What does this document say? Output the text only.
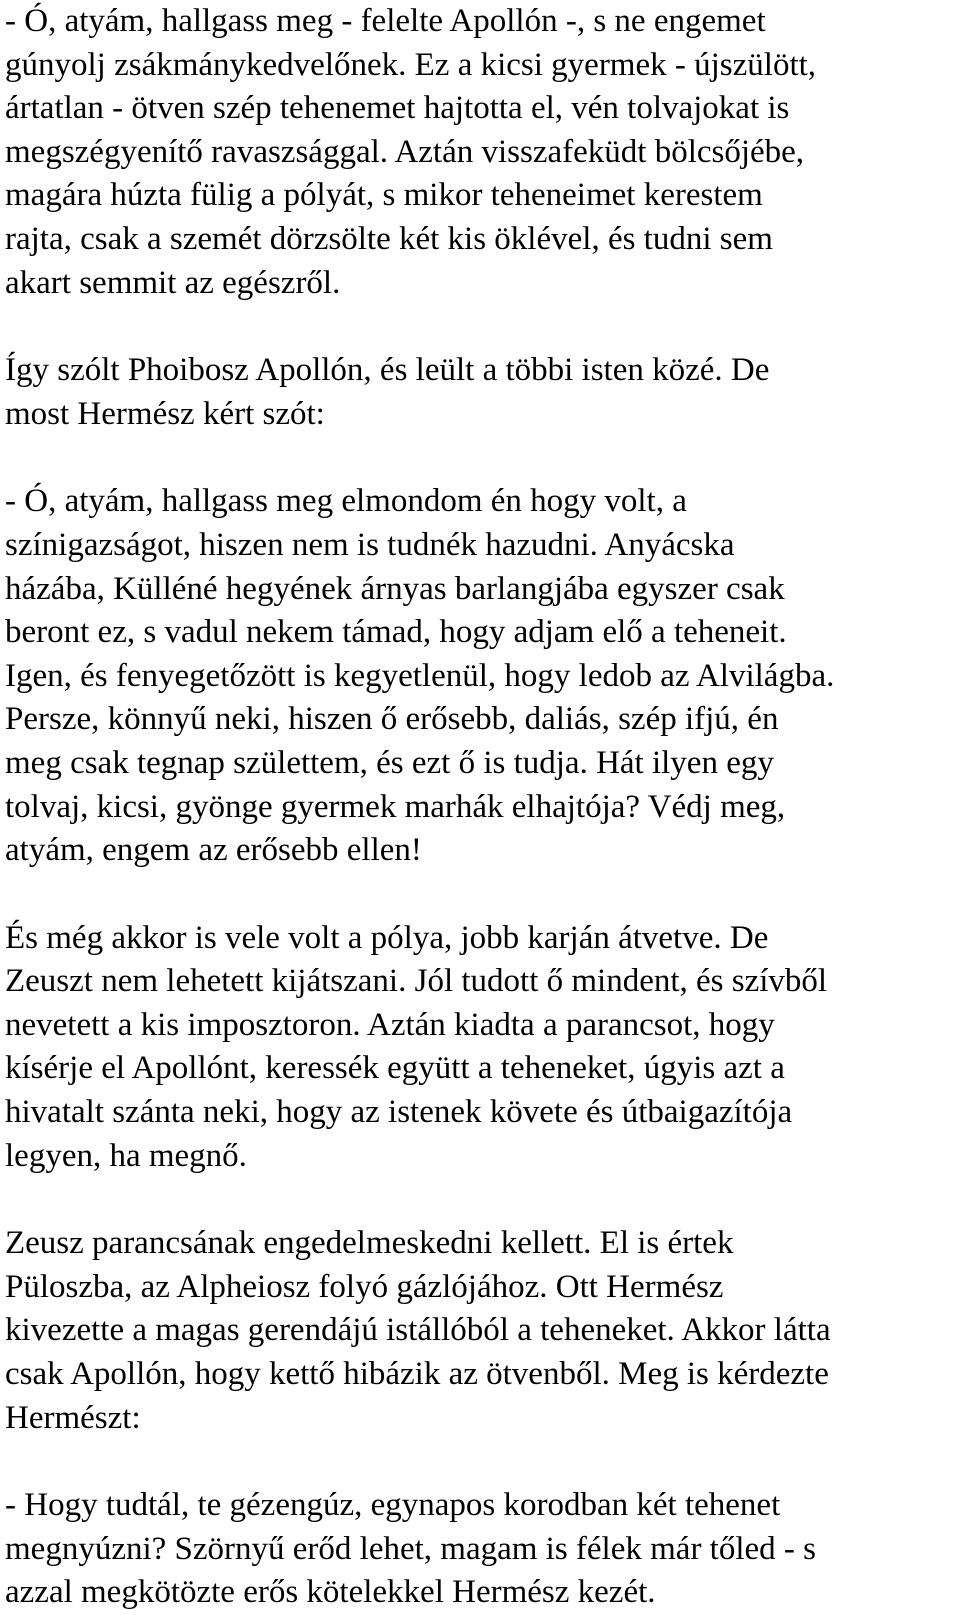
- Ó, atyám, hallgass meg - felelte Apollón -, s ne engemet
gúnyolj zsákmánykedvelőnek. Ez a kicsi gyermek - újszülött,
ártatlan - ötven szép tehenemet hajtotta el, vén tolvajokat is
megszégyenítő ravaszsággal. Aztán visszafeküdt bölcsőjébe,
magára húzta fülig a pólyát, s mikor teheneimet kerestem
rajta, csak a szemét dörzsölte két kis öklével, és tudni sem
akart semmit az egészről.

Így szólt Phoibosz Apollón, és leült a többi isten közé. De
most Hermész kért szót:

- Ó, atyám, hallgass meg elmondom én hogy volt, a
színigazságot, hiszen nem is tudnék hazudni. Anyácska
házába, Külléné hegyének árnyas barlangjába egyszer csak
beront ez, s vadul nekem támad, hogy adjam elő a teheneit.
Igen, és fenyegetőzött is kegyetlenül, hogy ledob az Alvilágba.
Persze, könnyű neki, hiszen ő erősebb, daliás, szép ifjú, én
meg csak tegnap születtem, és ezt ő is tudja. Hát ilyen egy
tolvaj, kicsi, gyönge gyermek marhák elhajtója? Védj meg,
atyám, engem az erősebb ellen!

És még akkor is vele volt a pólya, jobb karján átvetve. De
Zeuszt nem lehetett kijátszani. Jól tudott ő mindent, és szívből
nevetett a kis imposztoron. Aztán kiadta a parancsot, hogy
kísérje el Apollónt, keressék együtt a teheneket, úgyis azt a
hivatalt szánta neki, hogy az istenek követe és útbaigazítója
legyen, ha megnő.

Zeusz parancsának engedelmeskedni kellett. El is értek
Püloszba, az Alpheiosz folyó gázlójához. Ott Hermész
kivezette a magas gerendájú istállóból a teheneket. Akkor látta
csak Apollón, hogy kettő hibázik az ötvenből. Meg is kérdezte
Hermészt:

- Hogy tudtál, te gézengúz, egynapos korodban két tehenet
megnyúzni? Szörnyű erőd lehet, magam is félek már tőled - s
azzal megkötözte erős kötelekkel Hermész kezét.
